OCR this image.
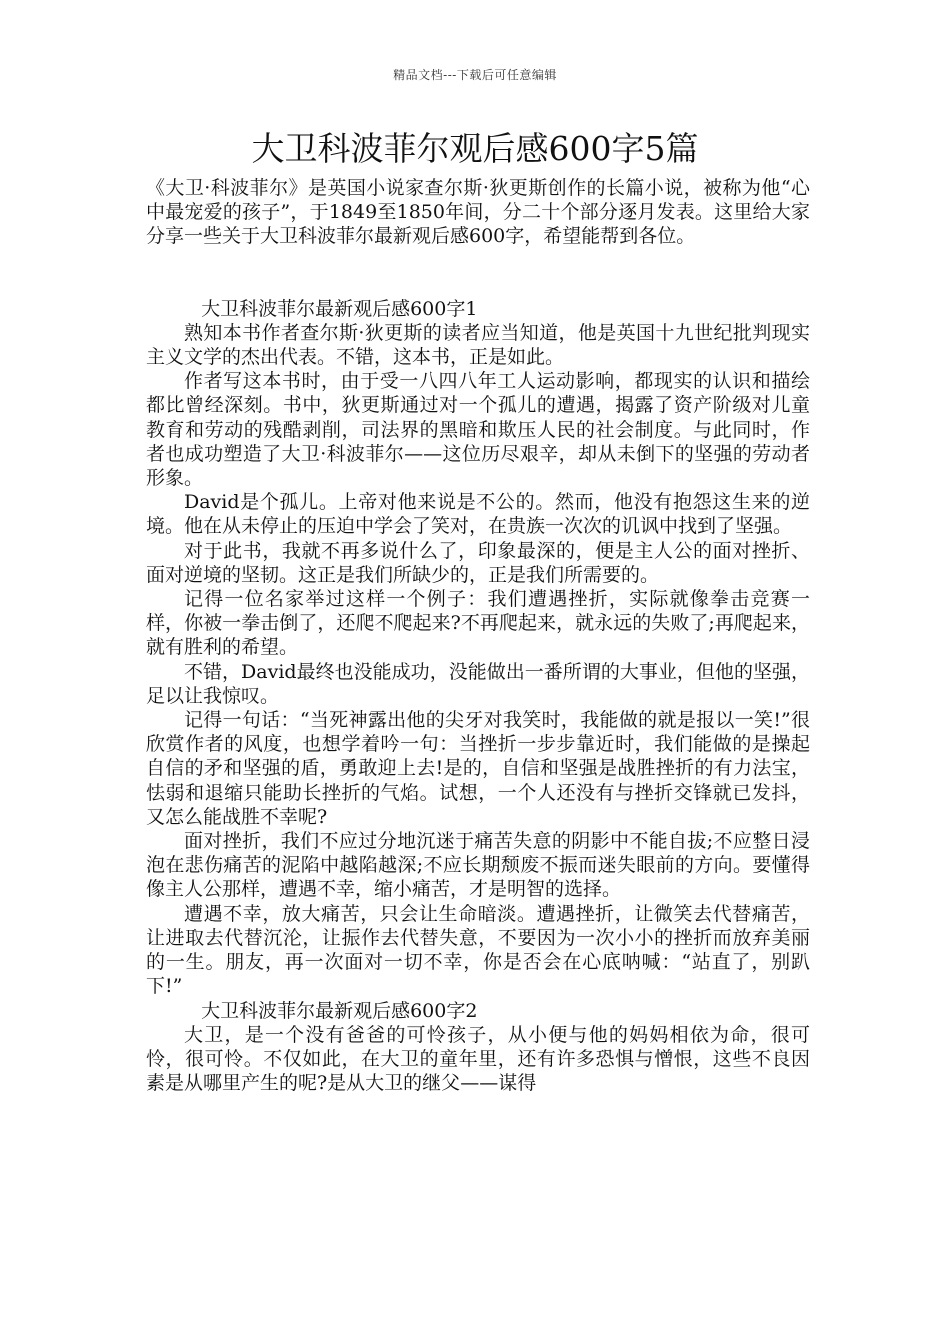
精品文档---下载后可任意编辑
大卫科波菲尔观后感600字5篇

《大卫·科波菲尔》是英国小说家查尔斯·狄更斯创作的长篇小说，被称为他“心中最宠爱的孩子”，于1849至1850年间，分二十个部分逐月发表。这里给大家分享一些关于大卫科波菲尔最新观后感600字，希望能帮到各位。

大卫科波菲尔最新观后感600字1

熟知本书作者查尔斯·狄更斯的读者应当知道，他是英国十九世纪批判现实主义文学的杰出代表。不错，这本书，正是如此。

作者写这本书时，由于受一八四八年工人运动影响，都现实的认识和描绘都比曾经深刻。书中，狄更斯通过对一个孤儿的遭遇，揭露了资产阶级对儿童教育和劳动的残酷剥削，司法界的黑暗和欺压人民的社会制度。与此同时，作者也成功塑造了大卫·科波菲尔——这位历尽艰辛，却从未倒下的坚强的劳动者形象。

David是个孤儿。上帝对他来说是不公的。然而，他没有抱怨这生来的逆境。他在从未停止的压迫中学会了笑对，在贵族一次次的讥讽中找到了坚强。

对于此书，我就不再多说什么了，印象最深的，便是主人公的面对挫折、面对逆境的坚韧。这正是我们所缺少的，正是我们所需要的。

记得一位名家举过这样一个例子：我们遭遇挫折，实际就像拳击竞赛一样，你被一拳击倒了，还爬不爬起来?不再爬起来，就永远的失败了;再爬起来，就有胜利的希望。

不错，David最终也没能成功，没能做出一番所谓的大事业，但他的坚强，足以让我惊叹。

记得一句话：“当死神露出他的尖牙对我笑时，我能做的就是报以一笑!”很欣赏作者的风度，也想学着吟一句：当挫折一步步靠近时，我们能做的是操起自信的矛和坚强的盾，勇敢迎上去!是的，自信和坚强是战胜挫折的有力法宝，怯弱和退缩只能助长挫折的气焰。试想，一个人还没有与挫折交锋就已发抖，又怎么能战胜不幸呢?

面对挫折，我们不应过分地沉迷于痛苦失意的阴影中不能自拔;不应整日浸泡在悲伤痛苦的泥陷中越陷越深;不应长期颓废不振而迷失眼前的方向。要懂得像主人公那样，遭遇不幸，缩小痛苦，才是明智的选择。

遭遇不幸，放大痛苦，只会让生命暗淡。遭遇挫折，让微笑去代替痛苦，让进取去代替沉沦，让振作去代替失意，不要因为一次小小的挫折而放弃美丽的一生。朋友，再一次面对一切不幸，你是否会在心底呐喊：“站直了，别趴下!”

大卫科波菲尔最新观后感600字2

大卫，是一个没有爸爸的可怜孩子，从小便与他的妈妈相依为命，很可怜，很可怜。不仅如此，在大卫的童年里，还有许多恐惧与憎恨，这些不良因素是从哪里产生的呢?是从大卫的继父——谋得
